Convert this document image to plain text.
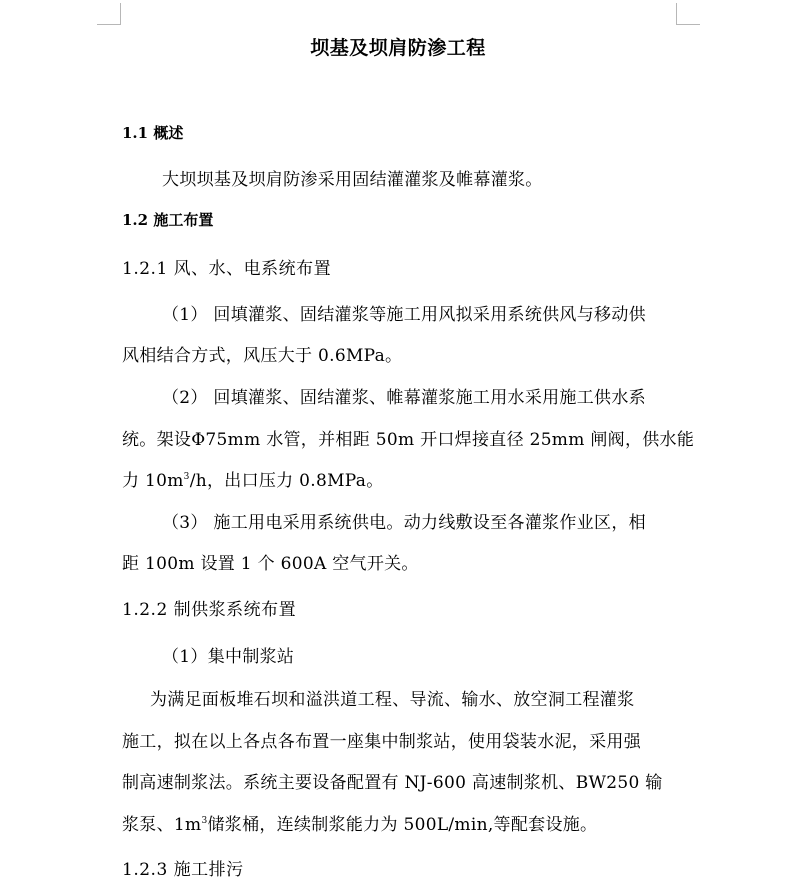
坝基及坝肩防渗工程
1.1 概述
大坝坝基及坝肩防渗采用固结灌灌浆及帷幕灌浆。
1.2 施工布置
1.2.1 风、水、电系统布置
（1） 回填灌浆、固结灌浆等施工用风拟采用系统供风与移动供
风相结合方式，风压大于 0.6MPa。
（2） 回填灌浆、固结灌浆、帷幕灌浆施工用水采用施工供水系
统。架设Φ75mm 水管，并相距 50m 开口焊接直径 25mm 闸阀，供水能
力 $10m^3/h$，出口压力 0.8MPa。
（3） 施工用电采用系统供电。动力线敷设至各灌浆作业区，相
距 100m 设置 1 个 600A 空气开关。
1.2.2 制供浆系统布置
（1）集中制浆站
为满足面板堆石坝和溢洪道工程、导流、输水、放空洞工程灌浆
施工，拟在以上各点各布置一座集中制浆站，使用袋装水泥，采用强
制高速制浆法。系统主要设备配置有 NJ-600 高速制浆机、BW250 输
浆泵、$1m^3$储浆桶，连续制浆能力为 500L/min,等配套设施。
1.2.3 施工排污
